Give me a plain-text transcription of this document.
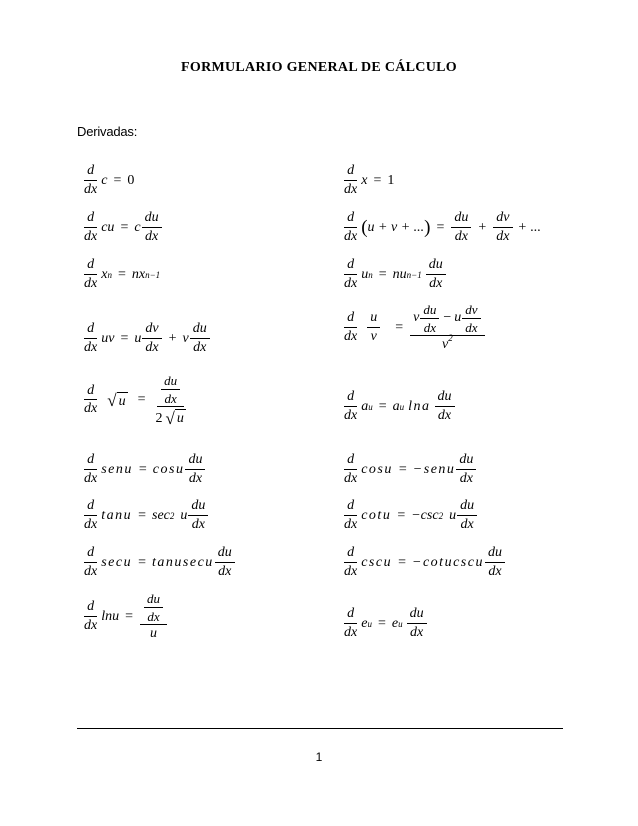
FORMULARIO GENERAL DE CÁLCULO
Derivadas:
$\frac{d}{dx}$ c = 0	$\frac{d}{dx}$ x = 1
$\frac{d}{dx}$ cu = c $\frac{du}{dx}$	$\frac{d}{dx}$ ( u + v + ... ) = $\frac{du}{dx} + \frac{dv}{dx}$ + ...
$\frac{d}{dx}$ x n = nx n−1	$\frac{d}{dx}$ u n = nu $n-1 \frac{du}{dx}$
$\frac{d}{dx}$ uv = u $\frac{dv}{dx} + v \frac{du}{dx}$	$\frac{d}{dx} \frac{u}{v} = \frac{v \frac{du}{dx} - u \frac{dv}{dx}}{v^2}$
$\frac{d}{dx}$ √ $u = \frac{\frac{du}{dx}}{2 √ u}$	$\frac{d}{dx}$ a u = a u lna $\frac{du}{dx}$
$\frac{d}{dx}$ senu = cosu $\frac{du}{dx}$	$\frac{d}{dx}$ cosu = −senu $\frac{du}{dx}$
$\frac{d}{dx}$ tanu = sec 2 u $\frac{du}{dx}$	$\frac{d}{dx}$ cotu = −csc 2 u $\frac{du}{dx}$
$\frac{d}{dx}$ secu = tanusecu $\frac{du}{dx}$	$\frac{d}{dx}$ cscu = −cotucscu $\frac{du}{dx}$
$\frac{d}{dx}$ $\ln u = \frac{\frac{du}{dx}}{u}$	$\frac{d}{dx}$ e u = e u $\frac{du}{dx}$
1
